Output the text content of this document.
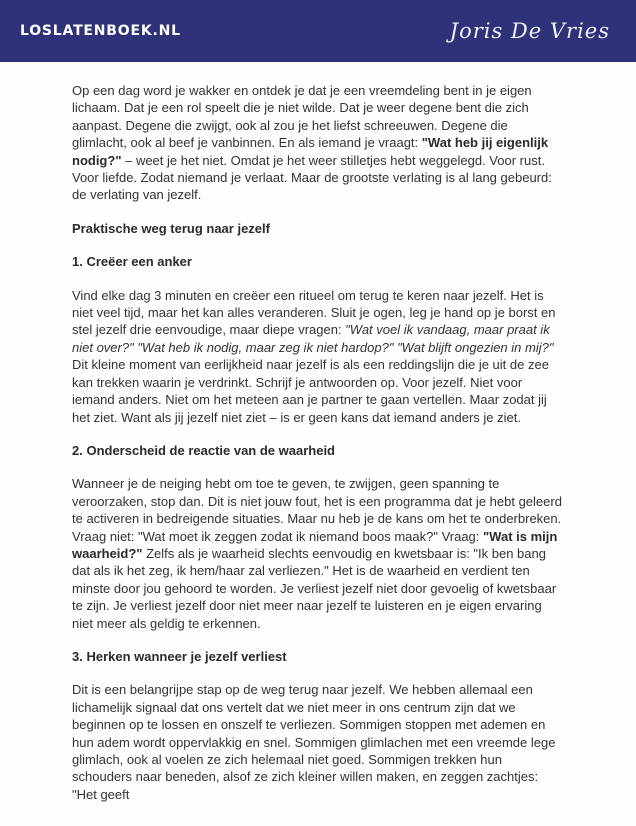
LOSLATENBOEK.NL	Joris De Vries

Op een dag word je wakker en ontdek je dat je een vreemdeling bent in je eigen lichaam. Dat je een rol speelt die je niet wilde. Dat je weer degene bent die zich aanpast. Degene die zwijgt, ook al zou je het liefst schreeuwen. Degene die glimlacht, ook al beef je vanbinnen. En als iemand je vraagt: "Wat heb jij eigenlijk nodig?" – weet je het niet. Omdat je het weer stilletjes hebt weggelegd. Voor rust. Voor liefde. Zodat niemand je verlaat. Maar de grootste verlating is al lang gebeurd: de verlating van jezelf.

Praktische weg terug naar jezelf
1. Creëer een anker

Vind elke dag 3 minuten en creëer een ritueel om terug te keren naar jezelf. Het is niet veel tijd, maar het kan alles veranderen. Sluit je ogen, leg je hand op je borst en stel jezelf drie eenvoudige, maar diepe vragen: "Wat voel ik vandaag, maar praat ik niet over?" "Wat heb ik nodig, maar zeg ik niet hardop?" "Wat blijft ongezien in mij?" Dit kleine moment van eerlijkheid naar jezelf is als een reddingslijn die je uit de zee kan trekken waarin je verdrinkt. Schrijf je antwoorden op. Voor jezelf. Niet voor iemand anders. Niet om het meteen aan je partner te gaan vertellen. Maar zodat jij het ziet. Want als jij jezelf niet ziet – is er geen kans dat iemand anders je ziet.

2. Onderscheid de reactie van de waarheid

Wanneer je de neiging hebt om toe te geven, te zwijgen, geen spanning te veroorzaken, stop dan. Dit is niet jouw fout, het is een programma dat je hebt geleerd te activeren in bedreigende situaties. Maar nu heb je de kans om het te onderbreken. Vraag niet: "Wat moet ik zeggen zodat ik niemand boos maak?" Vraag: "Wat is mijn waarheid?" Zelfs als je waarheid slechts eenvoudig en kwetsbaar is: "Ik ben bang dat als ik het zeg, ik hem/haar zal verliezen." Het is de waarheid en verdient ten minste door jou gehoord te worden. Je verliest jezelf niet door gevoelig of kwetsbaar te zijn. Je verliest jezelf door niet meer naar jezelf te luisteren en je eigen ervaring niet meer als geldig te erkennen.

3. Herken wanneer je jezelf verliest

Dit is een belangrijpe stap op de weg terug naar jezelf. We hebben allemaal een lichamelijk signaal dat ons vertelt dat we niet meer in ons centrum zijn dat we beginnen op te lossen en onszelf te verliezen. Sommigen stoppen met ademen en hun adem wordt oppervlakkig en snel. Sommigen glimlachen met een vreemde lege glimlach, ook al voelen ze zich helemaal niet goed. Sommigen trekken hun schouders naar beneden, alsof ze zich kleiner willen maken, en zeggen zachtjes: "Het geeft
